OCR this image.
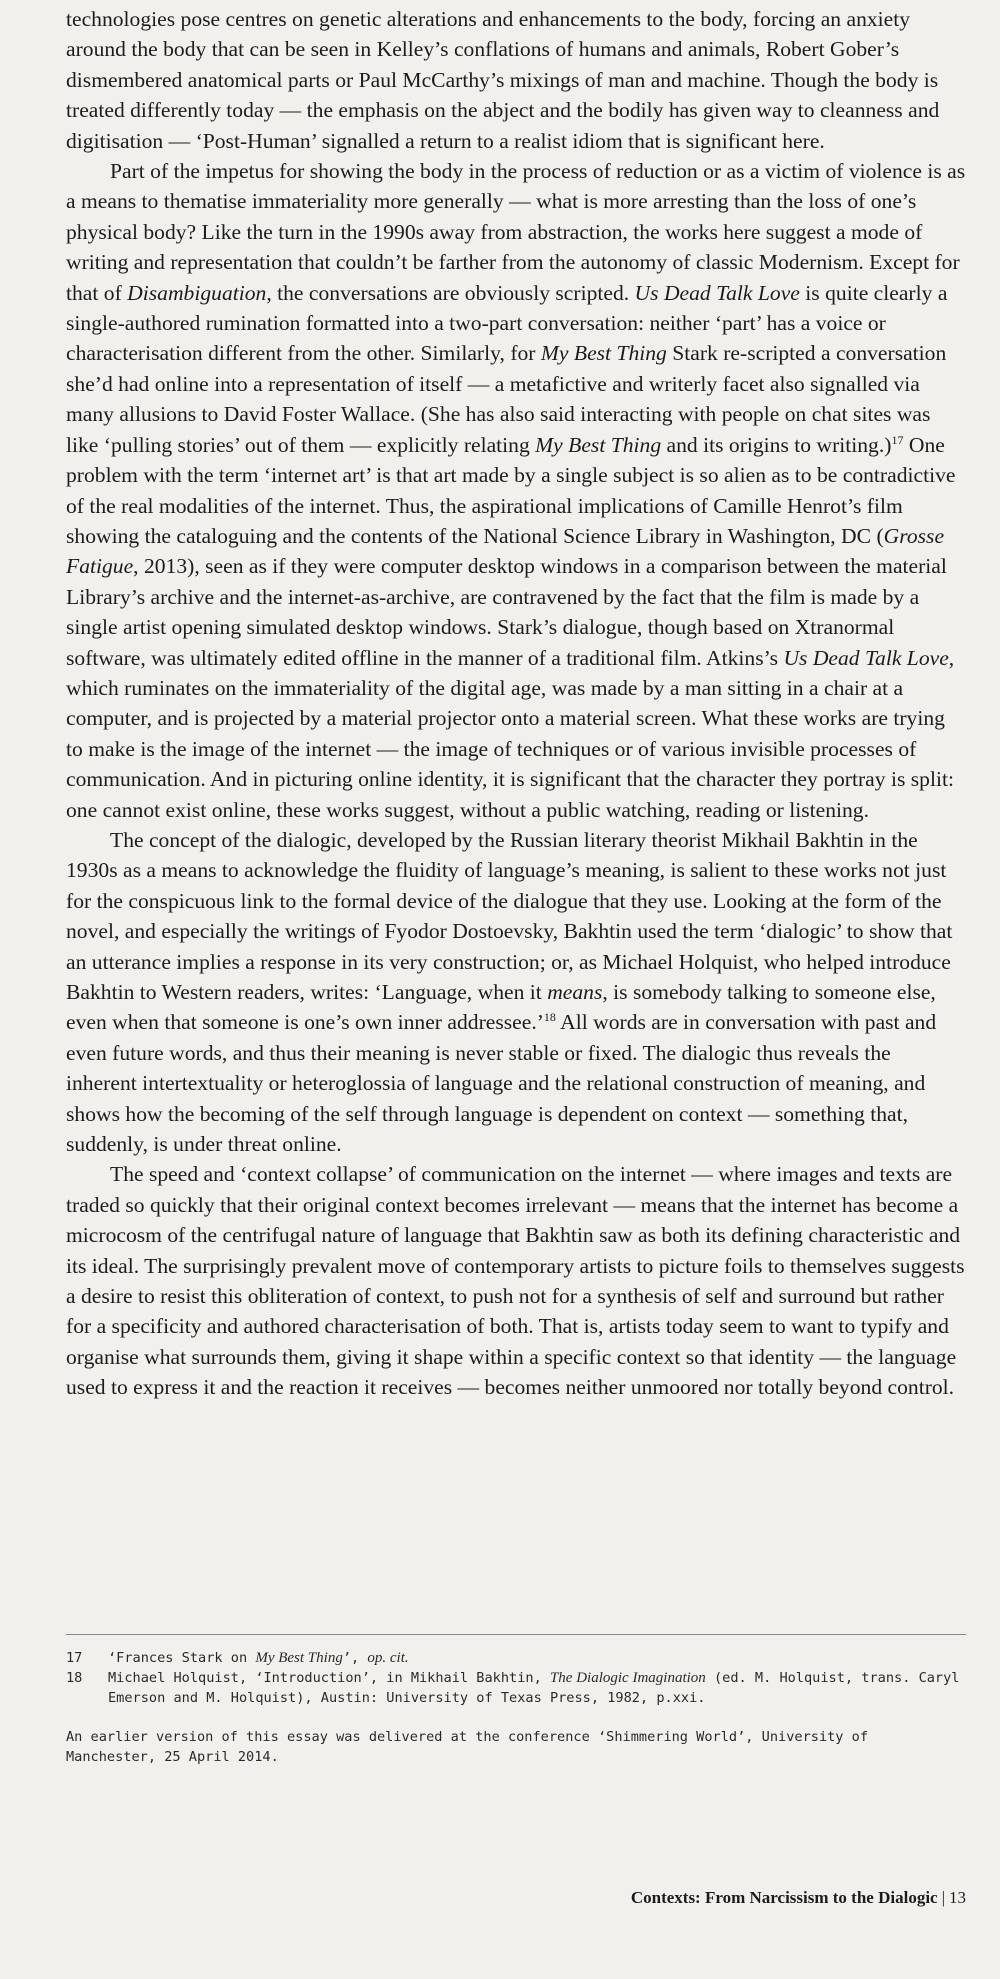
technologies pose centres on genetic alterations and enhancements to the body, forcing an anxiety around the body that can be seen in Kelley’s conflations of humans and animals, Robert Gober’s dismembered anatomical parts or Paul McCarthy’s mixings of man and machine. Though the body is treated differently today — the emphasis on the abject and the bodily has given way to cleanness and digitisation — ‘Post-Human’ signalled a return to a realist idiom that is significant here.

Part of the impetus for showing the body in the process of reduction or as a victim of violence is as a means to thematise immateriality more generally — what is more arresting than the loss of one’s physical body? Like the turn in the 1990s away from abstraction, the works here suggest a mode of writing and representation that couldn’t be farther from the autonomy of classic Modernism. Except for that of Disambiguation, the conversations are obviously scripted. Us Dead Talk Love is quite clearly a single-authored rumination formatted into a two-part conversation: neither ‘part’ has a voice or characterisation different from the other. Similarly, for My Best Thing Stark re-scripted a conversation she’d had online into a representation of itself — a metafictive and writerly facet also signalled via many allusions to David Foster Wallace. (She has also said interacting with people on chat sites was like ‘pulling stories’ out of them — explicitly relating My Best Thing and its origins to writing.)$^{17}$ One problem with the term ‘internet art’ is that art made by a single subject is so alien as to be contradictive of the real modalities of the internet. Thus, the aspirational implications of Camille Henrot’s film showing the cataloguing and the contents of the National Science Library in Washington, DC (Grosse Fatigue, 2013), seen as if they were computer desktop windows in a comparison between the material Library’s archive and the internet-as-archive, are contravened by the fact that the film is made by a single artist opening simulated desktop windows. Stark’s dialogue, though based on Xtranormal software, was ultimately edited offline in the manner of a traditional film. Atkins’s Us Dead Talk Love, which ruminates on the immateriality of the digital age, was made by a man sitting in a chair at a computer, and is projected by a material projector onto a material screen. What these works are trying to make is the image of the internet — the image of techniques or of various invisible processes of communication. And in picturing online identity, it is significant that the character they portray is split: one cannot exist online, these works suggest, without a public watching, reading or listening.

The concept of the dialogic, developed by the Russian literary theorist Mikhail Bakhtin in the 1930s as a means to acknowledge the fluidity of language’s meaning, is salient to these works not just for the conspicuous link to the formal device of the dialogue that they use. Looking at the form of the novel, and especially the writings of Fyodor Dostoevsky, Bakhtin used the term ‘dialogic’ to show that an utterance implies a response in its very construction; or, as Michael Holquist, who helped introduce Bakhtin to Western readers, writes: ‘Language, when it means, is somebody talking to someone else, even when that someone is one’s own inner addressee.’$^{18}$ All words are in conversation with past and even future words, and thus their meaning is never stable or fixed. The dialogic thus reveals the inherent intertextuality or heteroglossia of language and the relational construction of meaning, and shows how the becoming of the self through language is dependent on context — something that, suddenly, is under threat online.

The speed and ‘context collapse’ of communication on the internet — where images and texts are traded so quickly that their original context becomes irrelevant — means that the internet has become a microcosm of the centrifugal nature of language that Bakhtin saw as both its defining characteristic and its ideal. The surprisingly prevalent move of contemporary artists to picture foils to themselves suggests a desire to resist this obliteration of context, to push not for a synthesis of self and surround but rather for a specificity and authored characterisation of both. That is, artists today seem to want to typify and organise what surrounds them, giving it shape within a specific context so that identity — the language used to express it and the reaction it receives — becomes neither unmoored nor totally beyond control.

17	‘Frances Stark on My Best Thing’, op. cit.
18	Michael Holquist, ‘Introduction’, in Mikhail Bakhtin, The Dialogic Imagination (ed. M. Holquist, trans. Caryl Emerson and M. Holquist), Austin: University of Texas Press, 1982, p.xxi.
An earlier version of this essay was delivered at the conference ‘Shimmering World’, University of Manchester, 25 April 2014.
Contexts: From Narcissism to the Dialogic | 13
